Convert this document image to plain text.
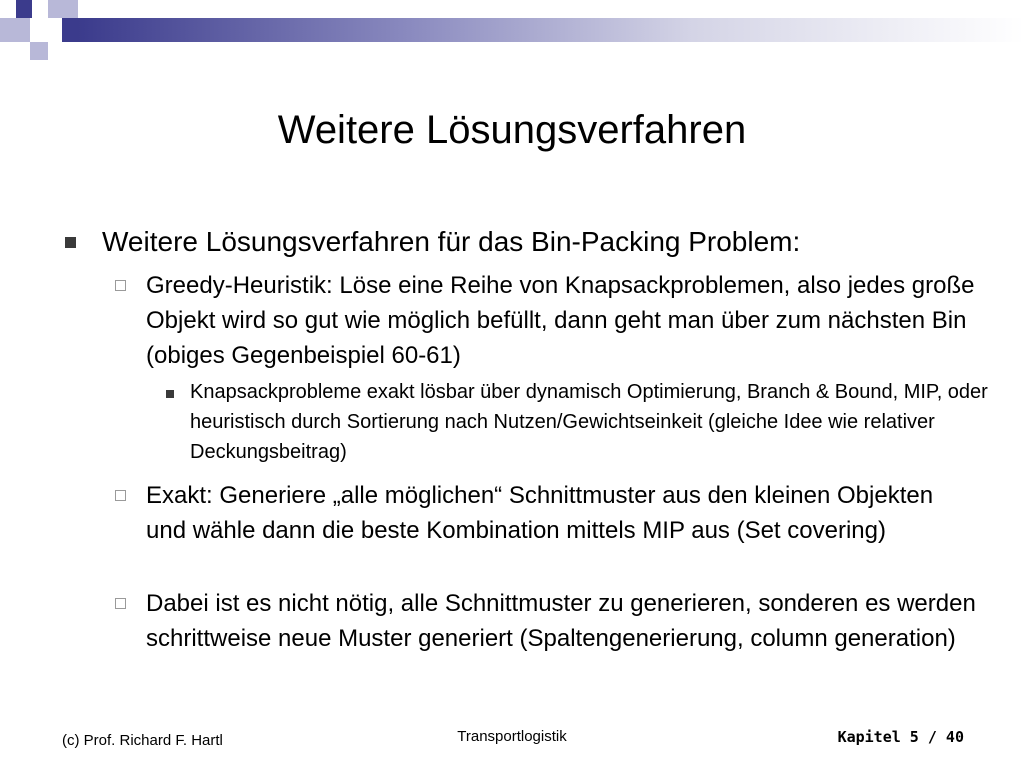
Weitere Lösungsverfahren
Weitere Lösungsverfahren für das Bin-Packing Problem:
Greedy-Heuristik: Löse eine Reihe von Knapsackproblemen, also jedes große Objekt wird so gut wie möglich befüllt, dann geht man über zum nächsten Bin (obiges Gegenbeispiel 60-61)
Knapsackprobleme exakt lösbar über dynamisch Optimierung, Branch & Bound, MIP, oder heuristisch durch Sortierung nach Nutzen/Gewichtseinkeit (gleiche Idee wie relativer Deckungsbeitrag)
Exakt: Generiere „alle möglichen“ Schnittmuster aus den kleinen Objekten und wähle dann die beste Kombination mittels MIP aus (Set covering)
Dabei ist es nicht nötig, alle Schnittmuster zu generieren, sonderen es werden schrittweise neue Muster generiert (Spaltengenerierung, column generation)
(c) Prof. Richard F. Hartl	Transportlogistik	Kapitel 5 / 40
